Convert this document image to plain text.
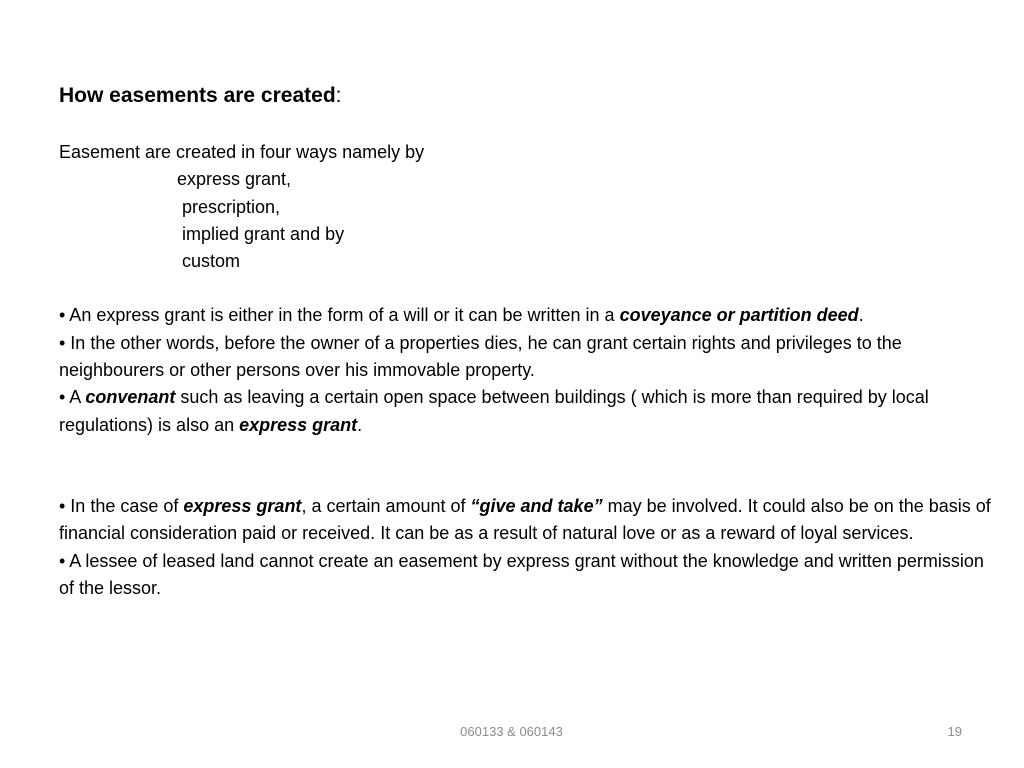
How easements are created:

Easement are created in four ways namely by

express grant,
prescription,
implied grant and by
custom

• An express grant is either in the form of a will or it can be written in a coveyance or partition deed.

• In the other words, before the owner of a properties dies, he can grant certain rights and privileges to the neighbourers or other persons over his immovable property.

• A convenant such as leaving a certain open space between buildings ( which is more than required by local regulations) is also an express grant.

• In the case of express grant, a certain amount of “give and take” may be involved. It could also be on the basis of financial consideration paid or received. It can be as a result of natural love or as a reward of loyal services.

• A lessee of leased land cannot create an easement by express grant without the knowledge and written permission of the lessor.

060133 & 060143	19
